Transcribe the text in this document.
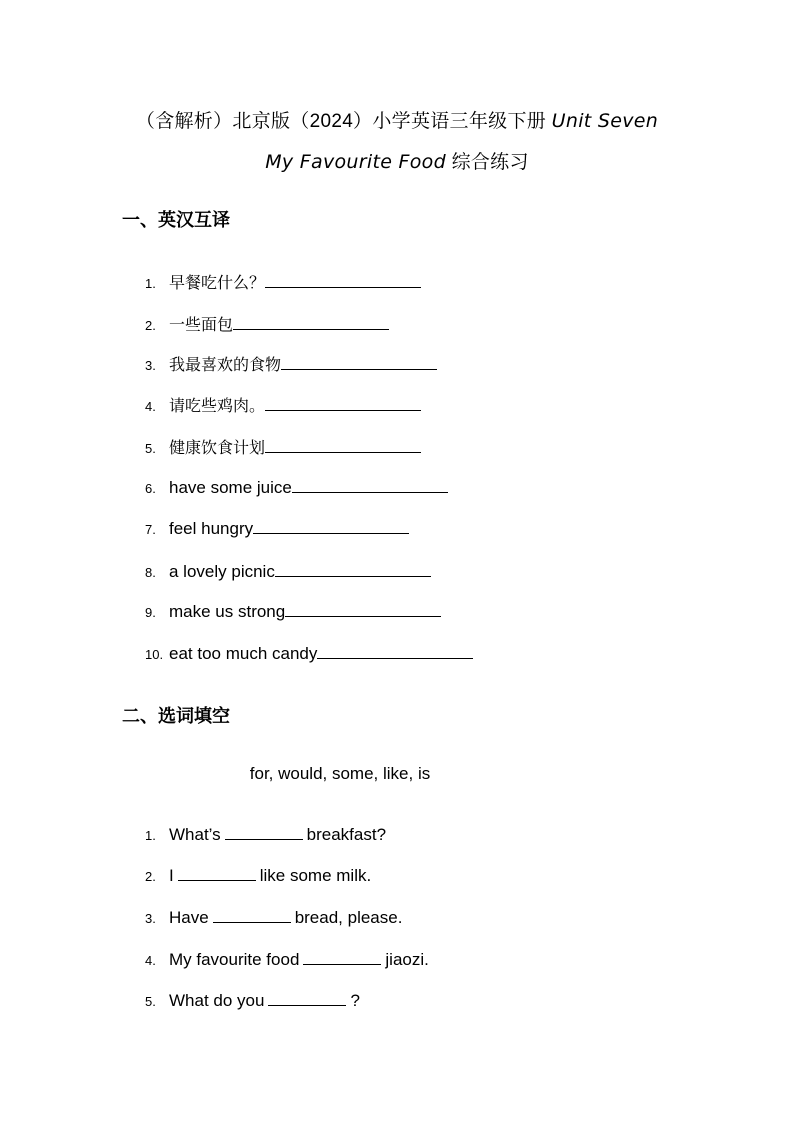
（含解析）北京版（2024）小学英语三年级下册 Unit Seven
My Favourite Food 综合练习
一、英汉互译
1. 早餐吃什么？
2. 一些面包
3. 我最喜欢的食物
4. 请吃些鸡肉。
5. 健康饮食计划
6. have some juice
7. feel hungry
8. a lovely picnic
9. make us strong
10. eat too much candy
二、选词填空
for, would, some, like, is
1. What’s	breakfast?
2. I	like some milk.
3. Have	bread, please.
4. My favourite food	jiaozi.
5. What do you	?
